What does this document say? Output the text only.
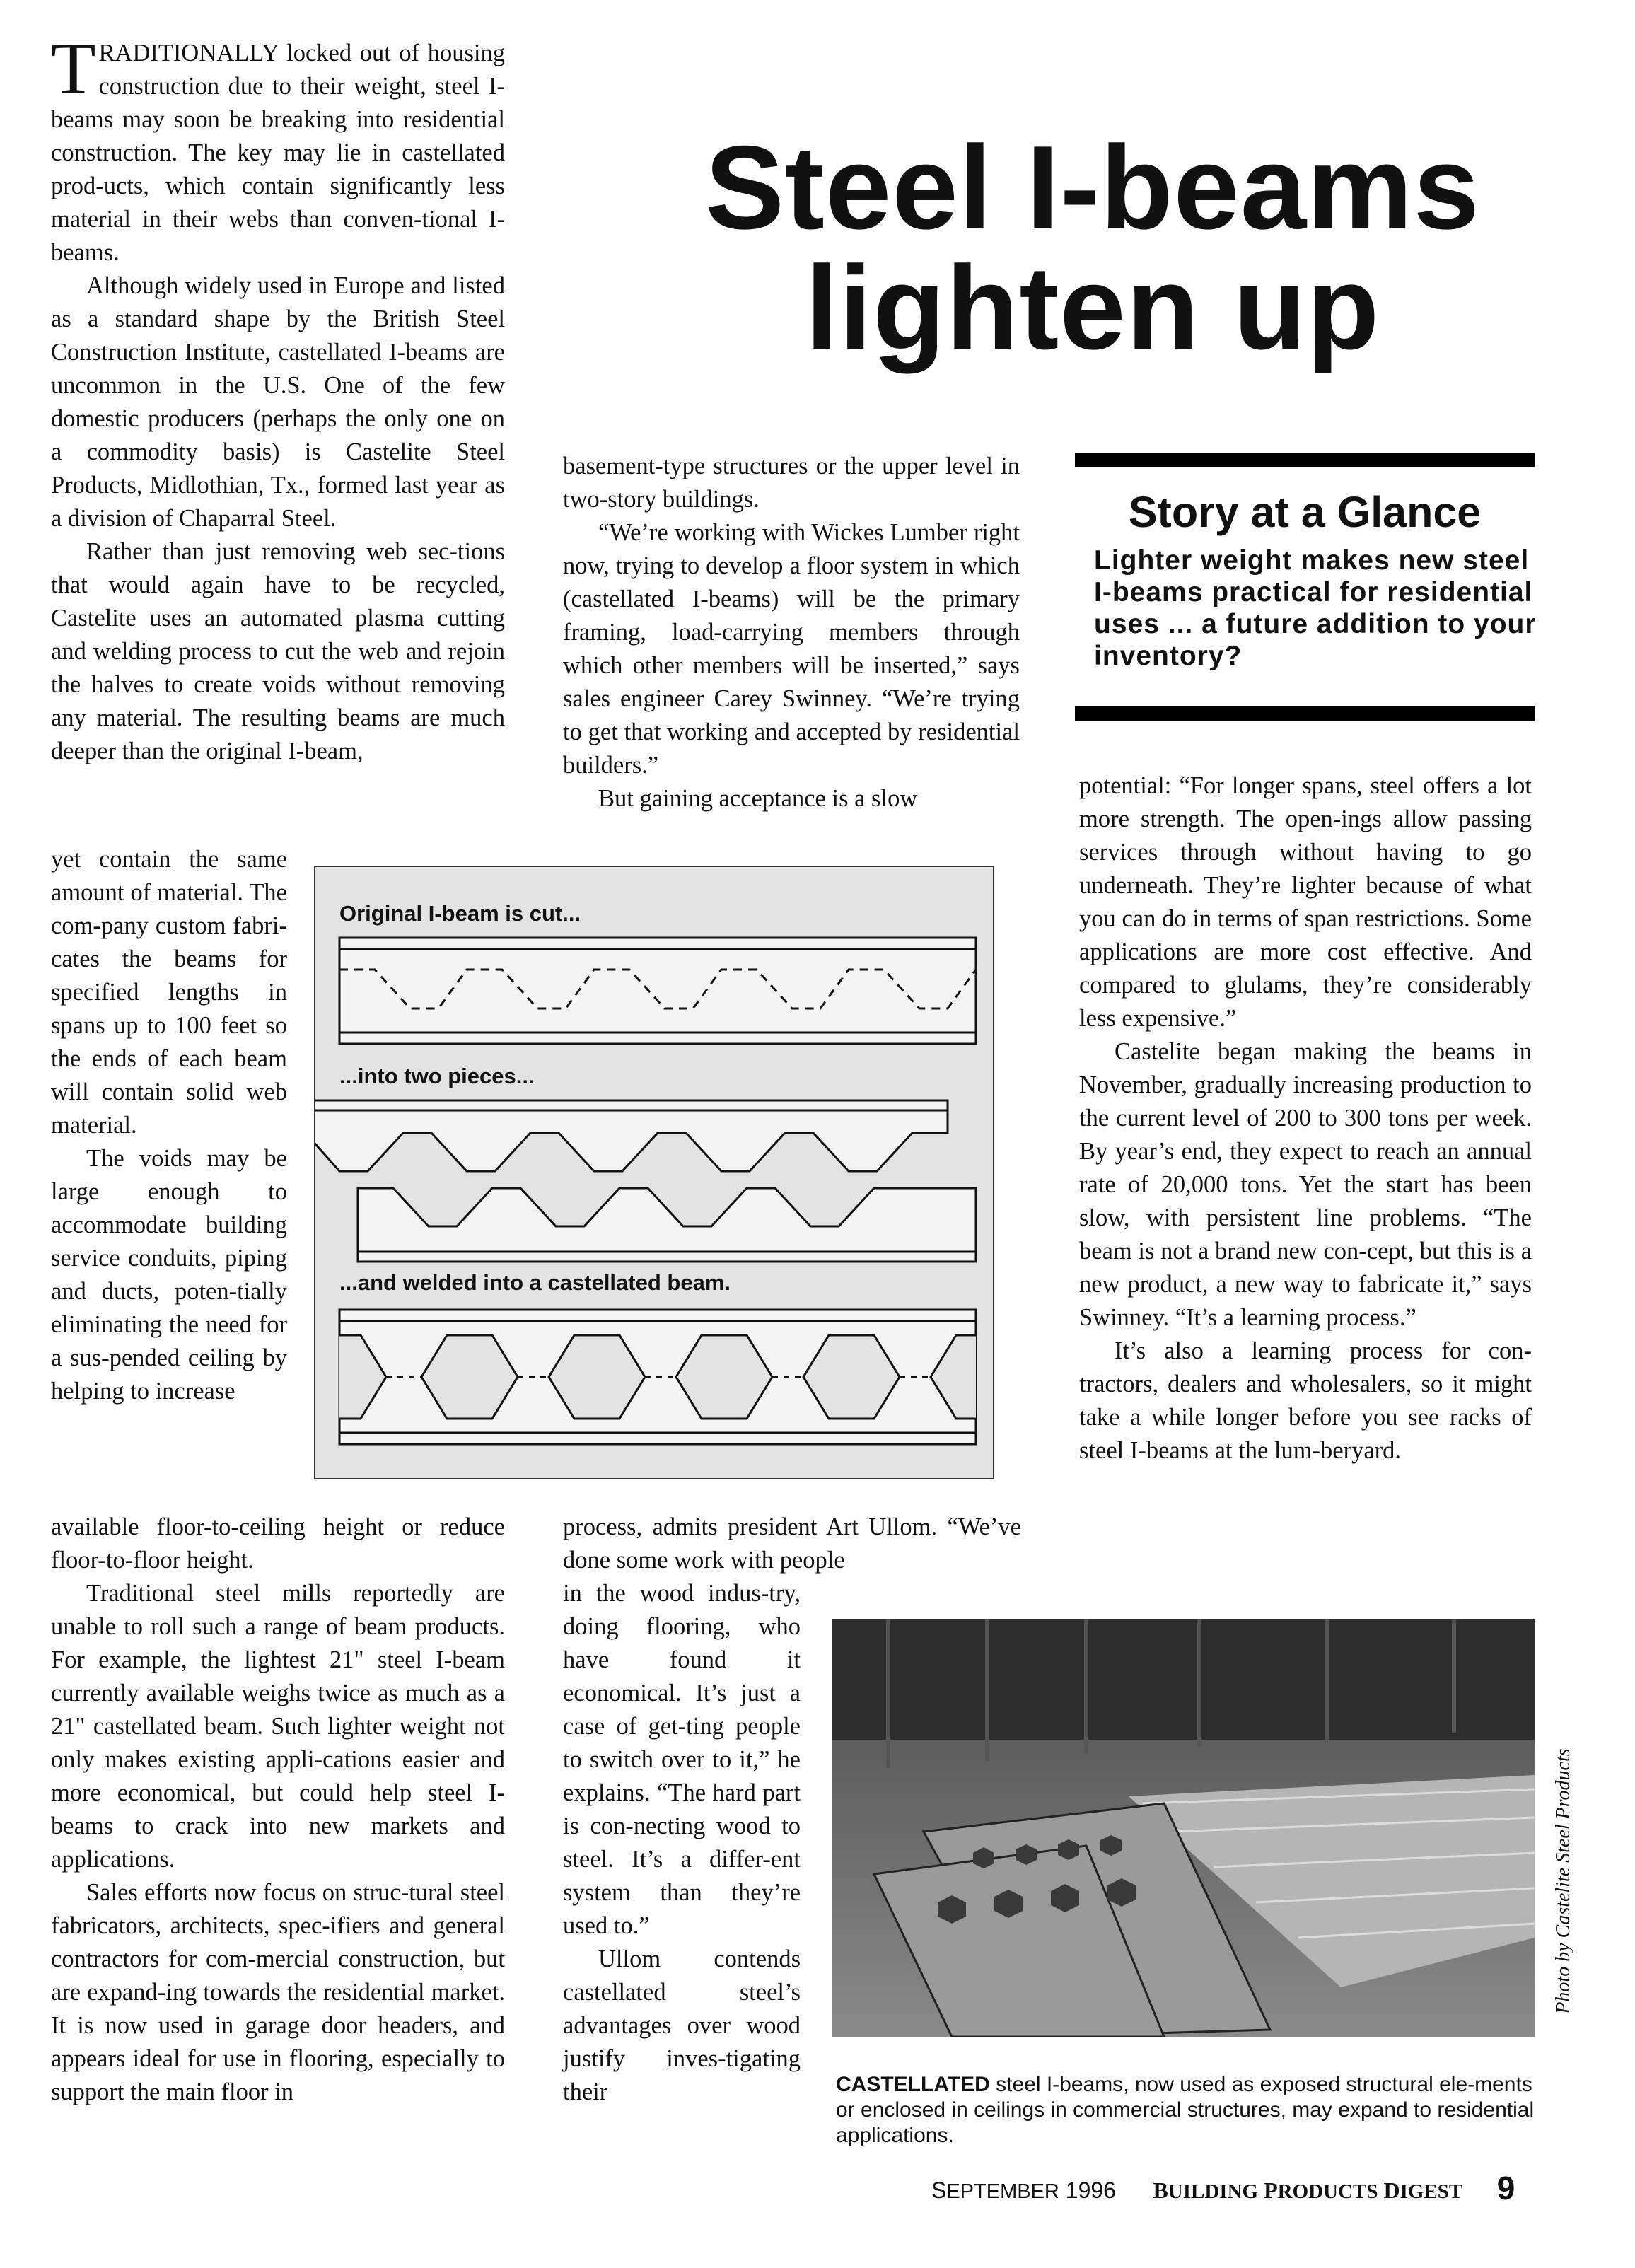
Steel I-beams
lighten up
Story at a Glance
Lighter weight makes new steel I-beams practical for residential uses ... a future addition to your inventory?

TRADITIONALLY locked out of housing construction due to their weight, steel I-beams may soon be breaking into residential construction. The key may lie in castellated prod-ucts, which contain significantly less material in their webs than conven-tional I-beams.

Although widely used in Europe and listed as a standard shape by the British Steel Construction Institute, castellated I-beams are uncommon in the U.S. One of the few domestic producers (perhaps the only one on a commodity basis) is Castelite Steel Products, Midlothian, Tx., formed last year as a division of Chaparral Steel.

Rather than just removing web sec-tions that would again have to be recycled, Castelite uses an automated plasma cutting and welding process to cut the web and rejoin the halves to create voids without removing any material. The resulting beams are much deeper than the original I-beam,

yet contain the same amount of material. The com-pany custom fabri-cates the beams for specified lengths in spans up to 100 feet so the ends of each beam will contain solid web material.

The voids may be large enough to accommodate building service conduits, piping and ducts, poten-tially eliminating the need for a sus-pended ceiling by helping to increase

available floor-to-ceiling height or reduce floor-to-floor height.

Traditional steel mills reportedly are unable to roll such a range of beam products. For example, the lightest 21" steel I-beam currently available weighs twice as much as a 21" castellated beam. Such lighter weight not only makes existing appli-cations easier and more economical, but could help steel I-beams to crack into new markets and applications.

Sales efforts now focus on struc-tural steel fabricators, architects, spec-ifiers and general contractors for com-mercial construction, but are expand-ing towards the residential market. It is now used in garage door headers, and appears ideal for use in flooring, especially to support the main floor in

basement-type structures or the upper level in two-story buildings.

“We’re working with Wickes Lumber right now, trying to develop a floor system in which (castellated I-beams) will be the primary framing, load-carrying members through which other members will be inserted,” says sales engineer Carey Swinney. “We’re trying to get that working and accepted by residential builders.”

But gaining acceptance is a slow

process, admits president Art Ullom. “We’ve done some work with people

in the wood indus-try, doing flooring, who have found it economical. It’s just a case of get-ting people to switch over to it,” he explains. “The hard part is con-necting wood to steel. It’s a differ-ent system than they’re used to.”

Ullom contends castellated steel’s advantages over wood justify inves-tigating their

potential: “For longer spans, steel offers a lot more strength. The open-ings allow passing services through without having to go underneath. They’re lighter because of what you can do in terms of span restrictions. Some applications are more cost effective. And compared to glulams, they’re considerably less expensive.”

Castelite began making the beams in November, gradually increasing production to the current level of 200 to 300 tons per week. By year’s end, they expect to reach an annual rate of 20,000 tons. Yet the start has been slow, with persistent line problems. “The beam is not a brand new con-cept, but this is a new product, a new way to fabricate it,” says Swinney. “It’s a learning process.”

It’s also a learning process for con-tractors, dealers and wholesalers, so it might take a while longer before you see racks of steel I-beams at the lum-beryard.

Original I-beam is cut...
...into two pieces...
...and welded into a castellated beam.
Photo by Castelite Steel Products
CASTELLATED steel I-beams, now used as exposed structural ele-ments or enclosed in ceilings in commercial structures, may expand to residential applications.
SEPTEMBER 1996 BUILDING PRODUCTS DIGEST 9
